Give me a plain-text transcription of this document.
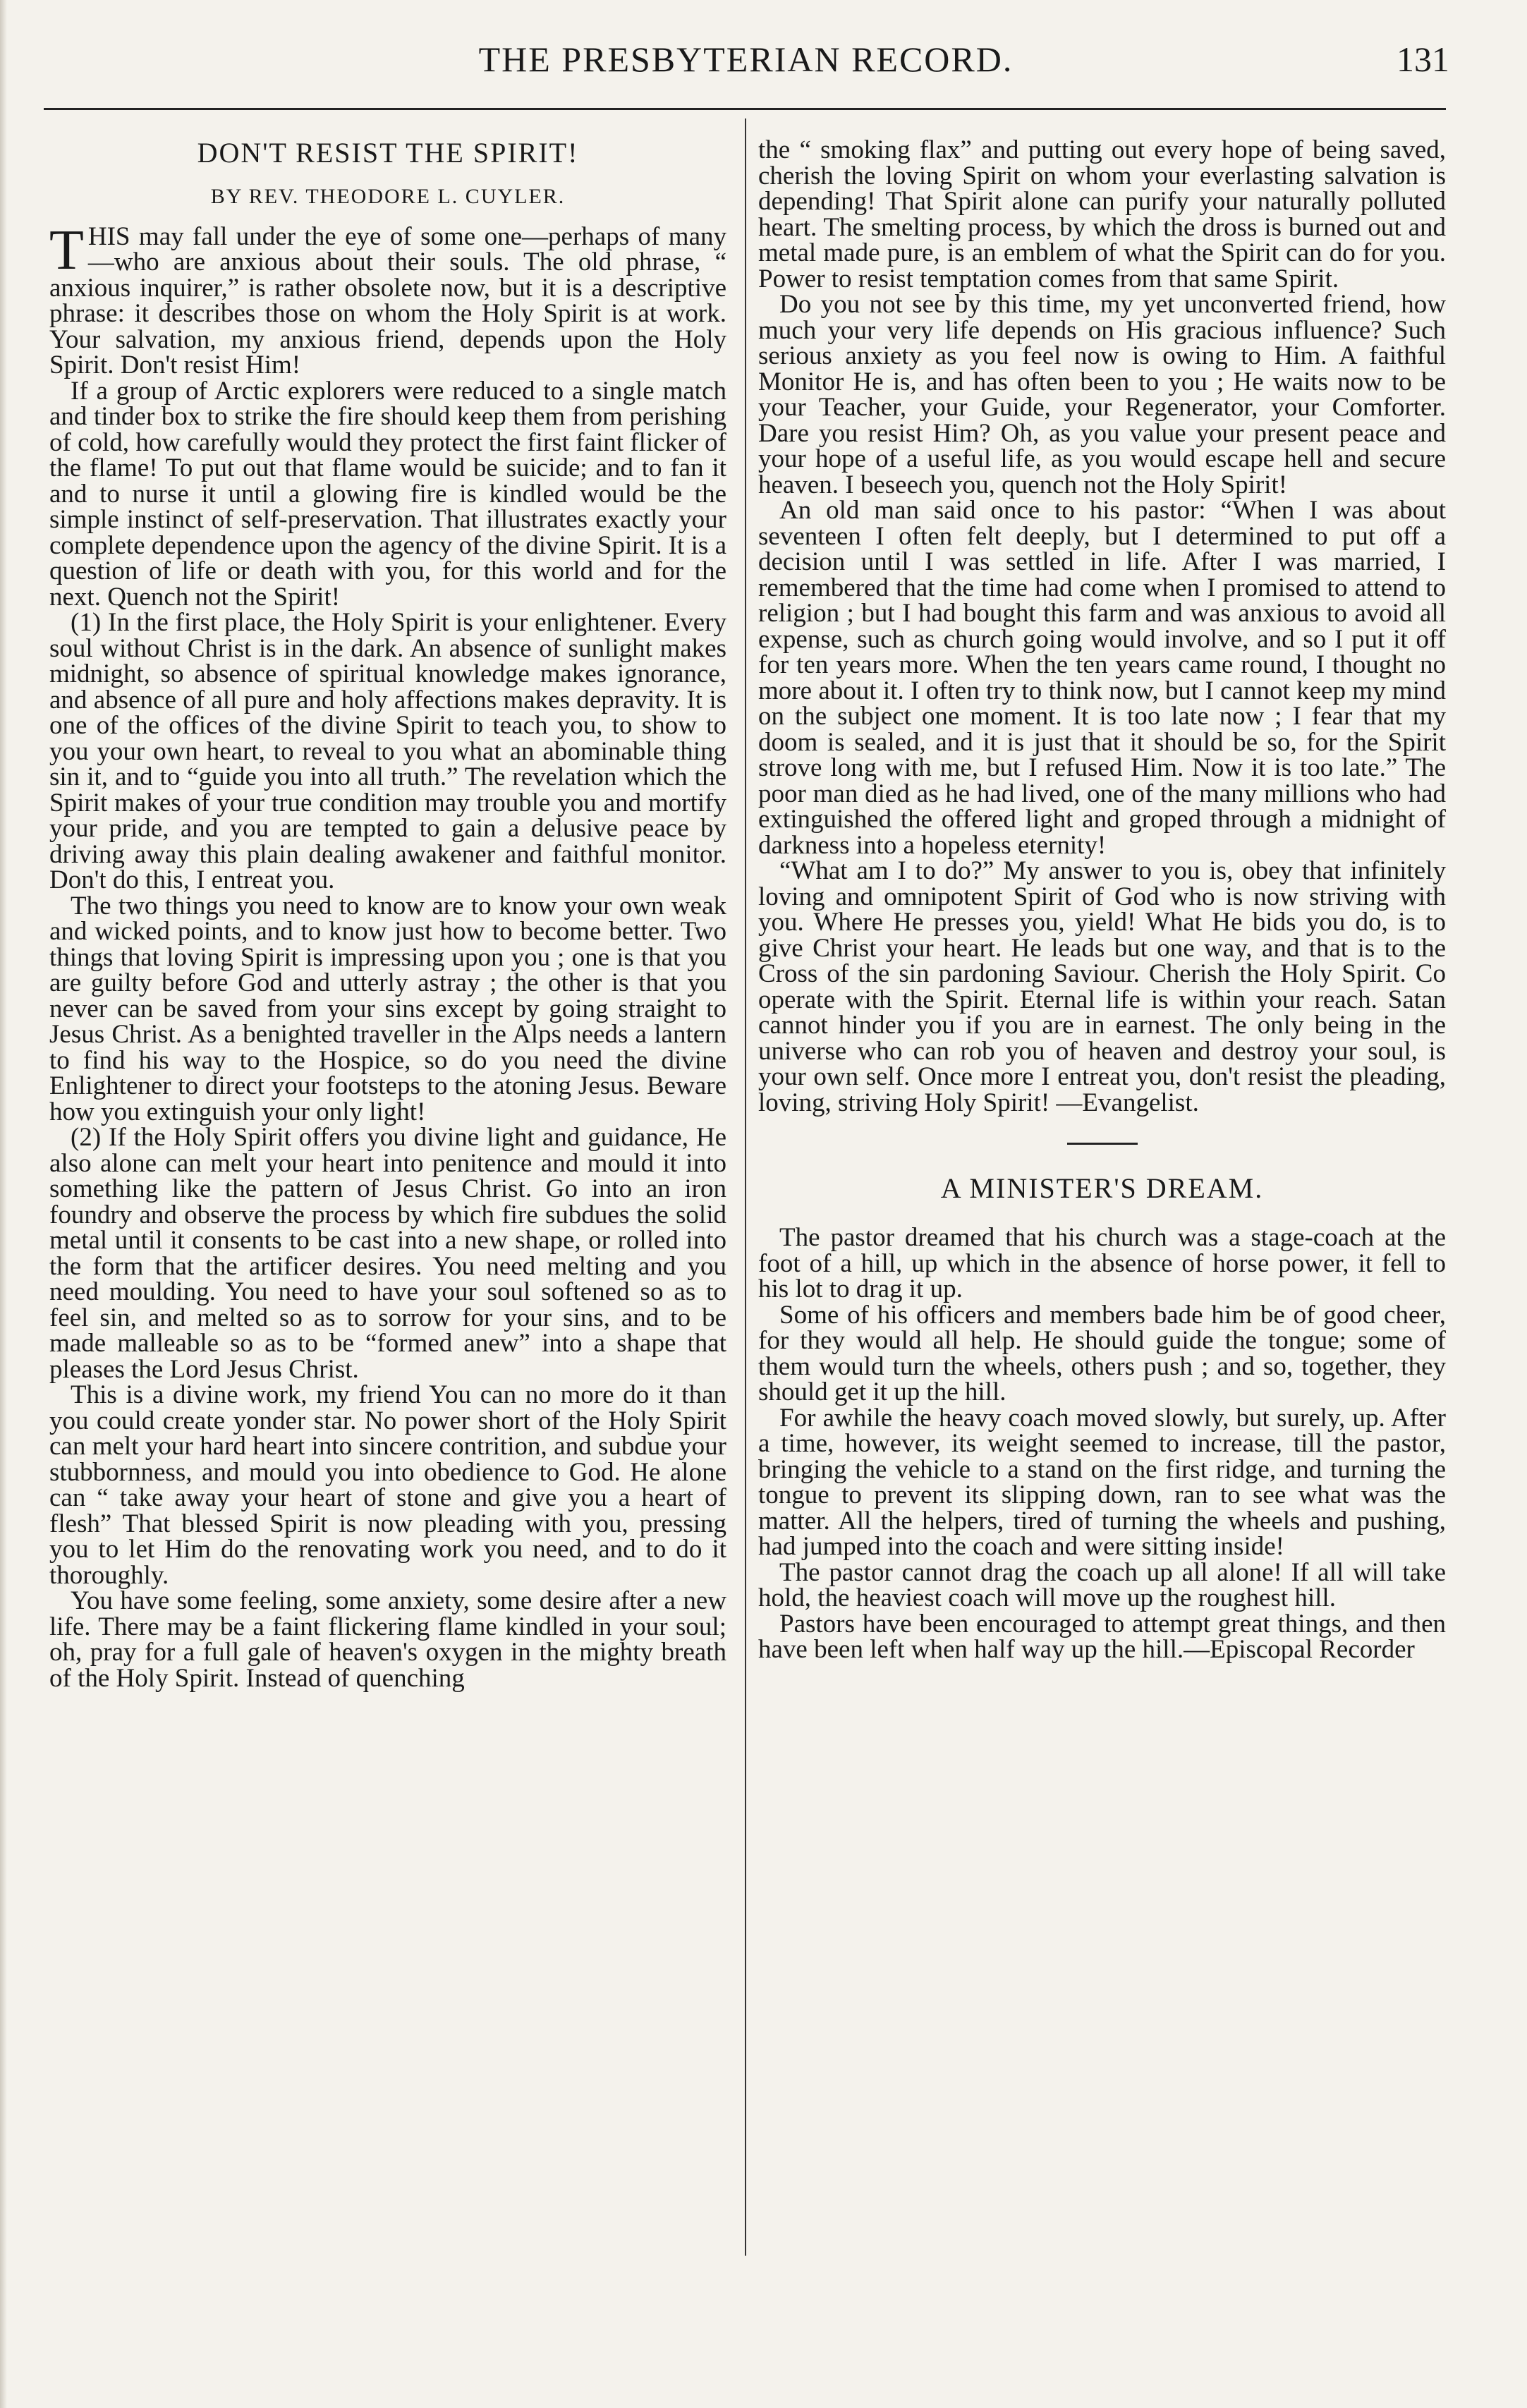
THE PRESBYTERIAN RECORD.	131
DON'T RESIST THE SPIRIT!
BY REV. THEODORE L. CUYLER.

THIS may fall under the eye of some one—perhaps of many—who are anxious about their souls. The old phrase, “ anxious inquirer,” is rather obsolete now, but it is a descriptive phrase: it describes those on whom the Holy Spirit is at work. Your salvation, my anxious friend, depends upon the Holy Spirit. Don't resist Him!

If a group of Arctic explorers were reduced to a single match and tinder box to strike the fire should keep them from perishing of cold, how carefully would they protect the first faint flicker of the flame! To put out that flame would be suicide; and to fan it and to nurse it until a glowing fire is kindled would be the simple instinct of self-preservation. That illustrates exactly your complete dependence upon the agency of the divine Spirit. It is a question of life or death with you, for this world and for the next. Quench not the Spirit!

(1) In the first place, the Holy Spirit is your enlightener. Every soul without Christ is in the dark. An absence of sunlight makes midnight, so absence of spiritual knowledge makes ignorance, and absence of all pure and holy affections makes depravity. It is one of the offices of the divine Spirit to teach you, to show to you your own heart, to reveal to you what an abominable thing sin it, and to “guide you into all truth.” The revelation which the Spirit makes of your true condition may trouble you and mortify your pride, and you are tempted to gain a delusive peace by driving away this plain dealing awakener and faithful monitor. Don't do this, I entreat you.

The two things you need to know are to know your own weak and wicked points, and to know just how to become better. Two things that loving Spirit is impressing upon you ; one is that you are guilty before God and utterly astray ; the other is that you never can be saved from your sins except by going straight to Jesus Christ. As a benighted traveller in the Alps needs a lantern to find his way to the Hospice, so do you need the divine Enlightener to direct your footsteps to the atoning Jesus. Beware how you extinguish your only light!

(2) If the Holy Spirit offers you divine light and guidance, He also alone can melt your heart into penitence and mould it into something like the pattern of Jesus Christ. Go into an iron foundry and observe the process by which fire subdues the solid metal until it consents to be cast into a new shape, or rolled into the form that the artificer desires. You need melting and you need moulding. You need to have your soul softened so as to feel sin, and melted so as to sorrow for your sins, and to be made malleable so as to be “formed anew” into a shape that pleases the Lord Jesus Christ.

This is a divine work, my friend You can no more do it than you could create yonder star. No power short of the Holy Spirit can melt your hard heart into sincere contrition, and subdue your stubbornness, and mould you into obedience to God. He alone can “ take away your heart of stone and give you a heart of flesh” That blessed Spirit is now pleading with you, pressing you to let Him do the renovating work you need, and to do it thoroughly.

You have some feeling, some anxiety, some desire after a new life. There may be a faint flickering flame kindled in your soul; oh, pray for a full gale of heaven's oxygen in the mighty breath of the Holy Spirit. Instead of quenching

the “ smoking flax” and putting out every hope of being saved, cherish the loving Spirit on whom your everlasting salvation is depending! That Spirit alone can purify your naturally polluted heart. The smelting process, by which the dross is burned out and metal made pure, is an emblem of what the Spirit can do for you. Power to resist temptation comes from that same Spirit.

Do you not see by this time, my yet unconverted friend, how much your very life depends on His gracious influence? Such serious anxiety as you feel now is owing to Him. A faithful Monitor He is, and has often been to you ; He waits now to be your Teacher, your Guide, your Regenerator, your Comforter. Dare you resist Him? Oh, as you value your present peace and your hope of a useful life, as you would escape hell and secure heaven. I beseech you, quench not the Holy Spirit!

An old man said once to his pastor: “When I was about seventeen I often felt deeply, but I determined to put off a decision until I was settled in life. After I was married, I remembered that the time had come when I promised to attend to religion ; but I had bought this farm and was anxious to avoid all expense, such as church going would involve, and so I put it off for ten years more. When the ten years came round, I thought no more about it. I often try to think now, but I cannot keep my mind on the subject one moment. It is too late now ; I fear that my doom is sealed, and it is just that it should be so, for the Spirit strove long with me, but I refused Him. Now it is too late.” The poor man died as he had lived, one of the many millions who had extinguished the offered light and groped through a midnight of darkness into a hopeless eternity!

“What am I to do?” My answer to you is, obey that infinitely loving and omnipotent Spirit of God who is now striving with you. Where He presses you, yield! What He bids you do, is to give Christ your heart. He leads but one way, and that is to the Cross of the sin pardoning Saviour. Cherish the Holy Spirit. Co operate with the Spirit. Eternal life is within your reach. Satan cannot hinder you if you are in earnest. The only being in the universe who can rob you of heaven and destroy your soul, is your own self. Once more I entreat you, don't resist the pleading, loving, striving Holy Spirit! —Evangelist.

A MINISTER'S DREAM.

The pastor dreamed that his church was a stage-coach at the foot of a hill, up which in the absence of horse power, it fell to his lot to drag it up.

Some of his officers and members bade him be of good cheer, for they would all help. He should guide the tongue; some of them would turn the wheels, others push ; and so, together, they should get it up the hill.

For awhile the heavy coach moved slowly, but surely, up. After a time, however, its weight seemed to increase, till the pastor, bringing the vehicle to a stand on the first ridge, and turning the tongue to prevent its slipping down, ran to see what was the matter. All the helpers, tired of turning the wheels and pushing, had jumped into the coach and were sitting inside!

The pastor cannot drag the coach up all alone! If all will take hold, the heaviest coach will move up the roughest hill.

Pastors have been encouraged to attempt great things, and then have been left when half way up the hill.—Episcopal Recorder
